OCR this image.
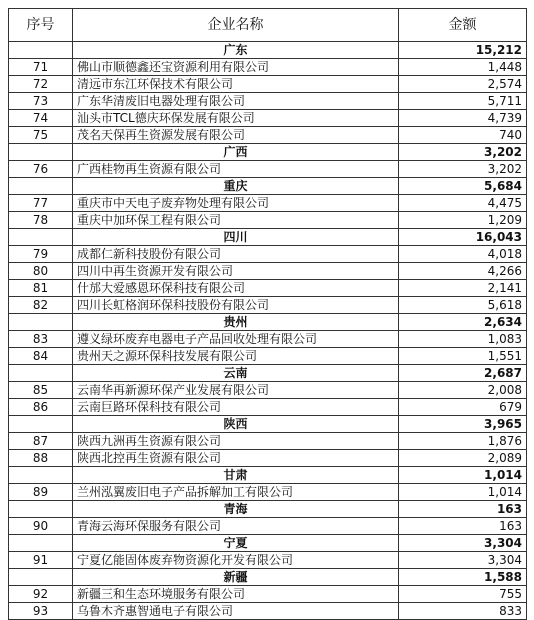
序号	企业名称	金额
	广东	15,212
71	佛山市顺德鑫还宝资源利用有限公司	1,448
72	清远市东江环保技术有限公司	2,574
73	广东华清废旧电器处理有限公司	5,711
74	汕头市TCL德庆环保发展有限公司	4,739
75	茂名天保再生资源发展有限公司	740
	广西	3,202
76	广西桂物再生资源有限公司	3,202
	重庆	5,684
77	重庆市中天电子废弃物处理有限公司	4,475
78	重庆中加环保工程有限公司	1,209
	四川	16,043
79	成都仁新科技股份有限公司	4,018
80	四川中再生资源开发有限公司	4,266
81	什邡大爱感恩环保科技有限公司	2,141
82	四川长虹格润环保科技股份有限公司	5,618
	贵州	2,634
83	遵义绿环废弃电器电子产品回收处理有限公司	1,083
84	贵州天之源环保科技发展有限公司	1,551
	云南	2,687
85	云南华再新源环保产业发展有限公司	2,008
86	云南巨路环保科技有限公司	679
	陕西	3,965
87	陕西九洲再生资源有限公司	1,876
88	陕西北控再生资源有限公司	2,089
	甘肃	1,014
89	兰州泓翼废旧电子产品拆解加工有限公司	1,014
	青海	163
90	青海云海环保服务有限公司	163
	宁夏	3,304
91	宁夏亿能固体废弃物资源化开发有限公司	3,304
	新疆	1,588
92	新疆三和生态环境服务有限公司	755
93	乌鲁木齐惠智通电子有限公司	833
